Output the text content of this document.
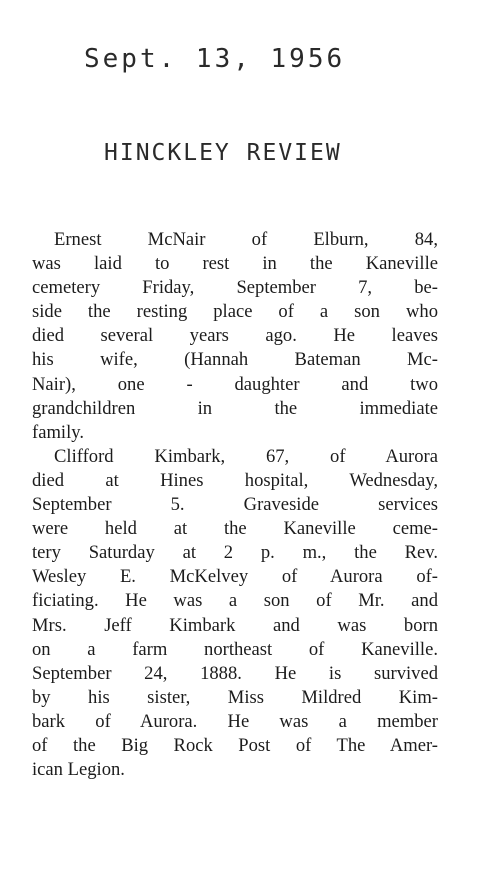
Sept. 13, 1956
HINCKLEY REVIEW
Ernest McNair of Elburn, 84,
was laid to rest in the Kaneville
cemetery Friday, September 7, be-
side the resting place of a son who
died several years ago. He leaves
his wife, (Hannah Bateman Mc-
Nair), one - daughter and two
grandchildren in the immediate
family.
Clifford Kimbark, 67, of Aurora
died at Hines hospital, Wednesday,
September 5. Graveside services
were held at the Kaneville ceme-
tery Saturday at 2 p. m., the Rev.
Wesley E. McKelvey of Aurora of-
ficiating. He was a son of Mr. and
Mrs. Jeff Kimbark and was born
on a farm northeast of Kaneville.
September 24, 1888. He is survived
by his sister, Miss Mildred Kim-
bark of Aurora. He was a member
of the Big Rock Post of The Amer-
ican Legion.
